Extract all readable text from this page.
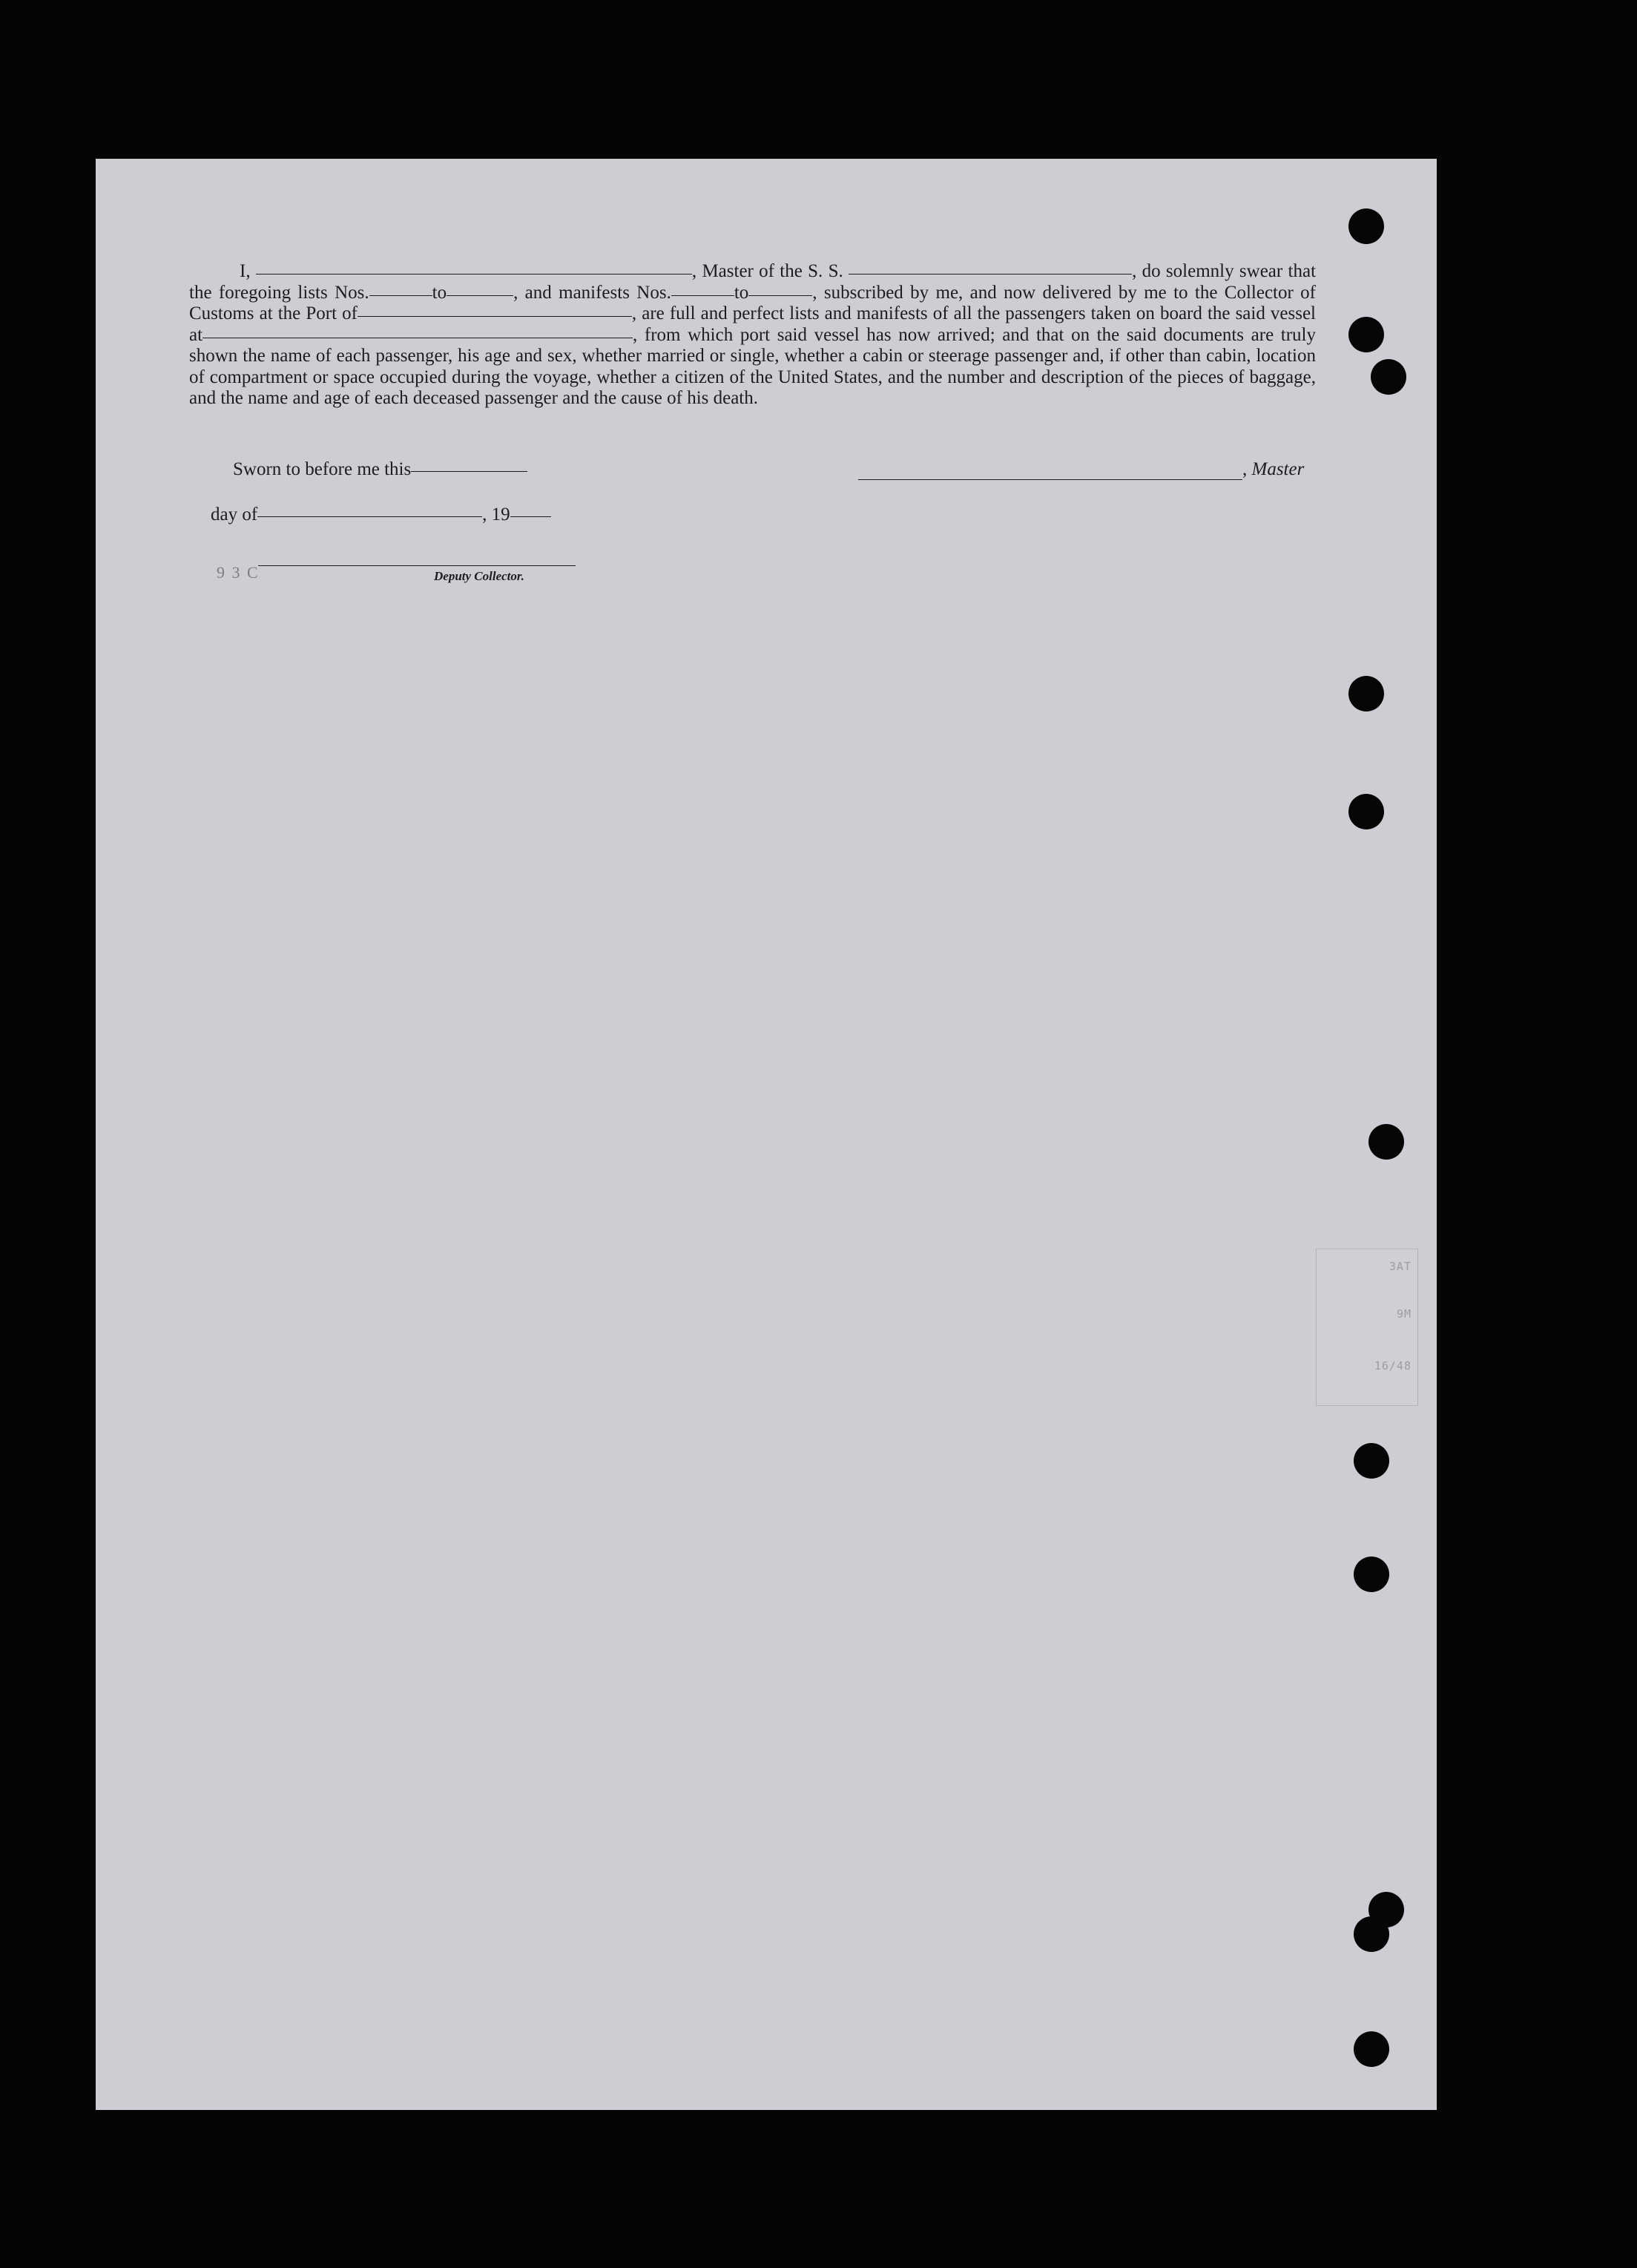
I,	, Master of the S. S.	, do solemnly swear that the foregoing lists Nos.	to	, and manifests Nos.	to	, subscribed by me, and now delivered by me to the Collector of Customs at the Port of	, are full and perfect lists and manifests of all the passengers taken on board the said vessel at	, from which port said vessel has now arrived; and that on the said documents are truly shown the name of each passenger, his age and sex, whether married or single, whether a cabin or steerage passenger and, if other than cabin, location of compartment or space occupied during the voyage, whether a citizen of the United States, and the number and description of the pieces of baggage, and the name and age of each deceased passenger and the cause of his death.

Sworn to before me this	, Master
day of	, 19
9 3 C	Deputy Collector.
3AT
9M
16/48
